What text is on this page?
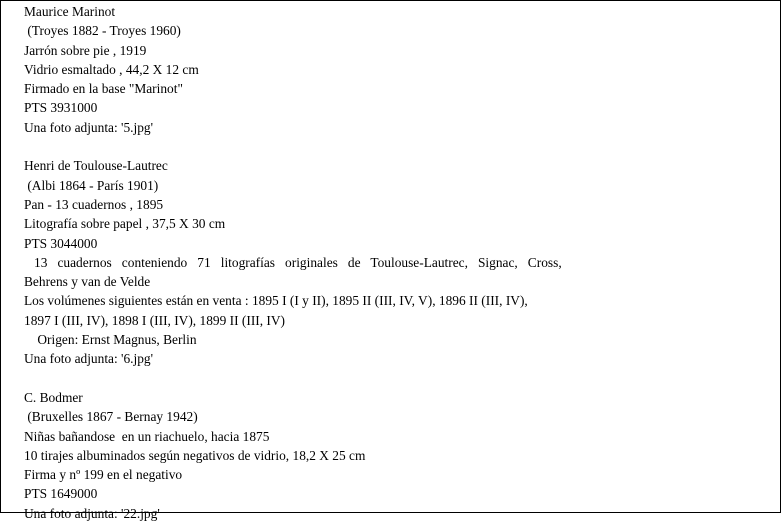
Maurice Marinot
(Troyes 1882 - Troyes 1960)
Jarrón sobre pie , 1919
Vidrio esmaltado , 44,2 X 12 cm
Firmado en la base "Marinot"
PTS 3931000
Una foto adjunta: '5.jpg'
Henri de Toulouse-Lautrec
(Albi 1864 - París 1901)
Pan - 13 cuadernos , 1895
Litografía sobre papel , 37,5 X 30 cm
PTS 3044000
13   cuadernos   conteniendo   71   litografías   originales   de   Toulouse-Lautrec,   Signac,   Cross,
Behrens y van de Velde
Los volúmenes siguientes están en venta : 1895 I (I y II), 1895 II (III, IV, V), 1896 II (III, IV),
1897 I (III, IV), 1898 I (III, IV), 1899 II (III, IV)
Origen: Ernst Magnus, Berlin
Una foto adjunta: '6.jpg'
C. Bodmer
(Bruxelles 1867 - Bernay 1942)
Niñas bañandose  en un riachuelo, hacia 1875
10 tirajes albuminados según negativos de vidrio, 18,2 X 25 cm
Firma y nº 199 en el negativo
PTS 1649000
Una foto adjunta: '22.jpg'
